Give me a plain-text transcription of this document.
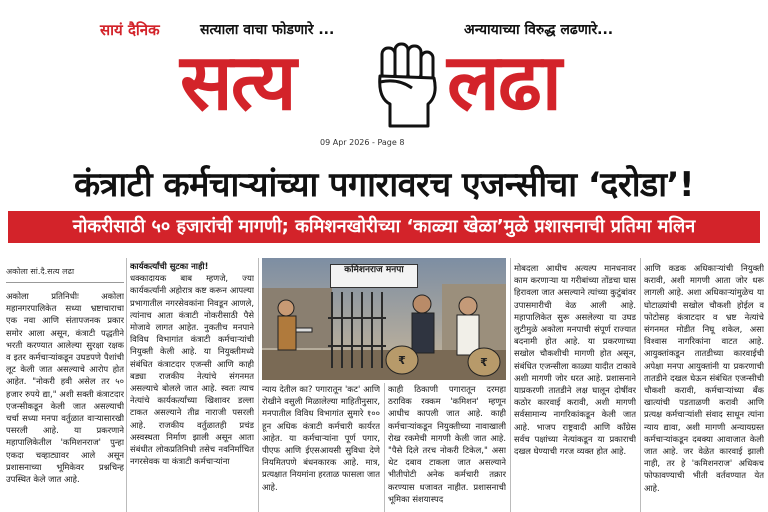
सायं दैनिक	सत्याला वाचा फोडणारे ...	अन्यायाच्या विरुद्ध लढणारे...
सत्य लढा
09 Apr 2026 - Page 8
कंत्राटी कर्मचाऱ्यांच्या पगारावरच एजन्सीचा ‘दरोडा’!
नोकरीसाठी ५० हजारांची मागणी; कमिशनखोरीच्या ‘काळ्या खेळा’मुळे प्रशासनाची प्रतिमा मलिन
अकोला सां.दै.सत्य लढा

अकोला प्रतिनिधीः अकोला महानगरपालिकेत सध्या भ्रष्टाचाराचा एक नवा आणि संतापजनक प्रकार समोर आला असून, कंत्राटी पद्धतीने भरती करण्यात आलेल्या सुरक्षा रक्षक व इतर कर्मचाऱ्यांकडून उघडपणे पैशांची लूट केली जात असल्याचे आरोप होत आहेत. "नोकरी हवी असेल तर ५० हजार रुपये द्या," अशी सक्ती कंत्राटदार एजन्सीकडून केली जात असल्याची चर्चा सध्या मनपा वर्तुळात वाऱ्यासारखी पसरली आहे. या प्रकरणाने महापालिकेतील 'कमिशनराज' पुन्हा एकदा चव्हाट्यावर आले असून प्रशासनाच्या भूमिकेवर प्रश्नचिन्ह उपस्थित केले जात आहे.

कार्यकर्त्यांची सुटका नाही!

धक्कादायक बाब म्हणजे, ज्या कार्यकर्त्यांनी अहोरात्र कष्ट करून आपल्या प्रभागातील नगरसेवकांना निवडून आणले, त्यांनाच आता कंत्राटी नोकरीसाठी पैसे मोजावे लागत आहेत. नुकतीच मनपाने विविध विभागांत कंत्राटी कर्मचाऱ्यांची नियुक्ती केली आहे. या नियुक्तीमध्ये संबंधित कंत्राटदार एजन्सी आणि काही बड्या राजकीय नेत्यांचे संगनमत असल्याचे बोलले जात आहे. स्वतः त्याच नेत्यांचे कार्यकर्त्यांच्या खिशावर डल्ला टाकत असल्याने तीव्र नाराजी पसरली आहे. राजकीय वर्तुळातही प्रचंड अस्वस्थता निर्माण झाली असून आता संबंधीत लोकप्रतिनिधी तसेच नवनिर्माचित नगरसेवक या कंत्राटी कर्मचाऱ्यांना

₹	₹
कमिशनराज मनपा

न्याय देतील का? पगारातून 'कट' आणि रोखीने वसुली मिळालेल्या माहितीनुसार, मनपातील विविध विभागांत सुमारे १०० हून अधिक कंत्राटी कर्मचारी कार्यरत आहेत. या कर्मचाऱ्यांना पूर्ण पगार, पीएफ आणि ईएसआयसी सुविधा देणे नियमितपणे बंधनकारक आहे. मात्र, प्रत्यक्षात नियमांना हरताळ फासला जात आहे.

काही ठिकाणी पगारातून दरमहा ठराविक रक्कम 'कमिशन' म्हणून आधीच कापली जात आहे. काही कर्मचाऱ्यांकडून नियुक्तीच्या नावाखाली रोख रकमेची मागणी केली जात आहे. "पैसे दिले तरच नोकरी टिकेल," असा थेट दबाव टाकला जात असल्याने भीतीपोटी अनेक कर्मचारी तक्रार करण्यास धजावत नाहीत. प्रशासनाची भूमिका संशयास्पद

मोबदला आधीच अत्यल्प मानधनावर काम करणाऱ्या या गरीबांच्या तोंडचा घास हिरावला जात असल्याने त्यांच्या कुटुंबांवर उपासमारीची वेळ आली आहे. महापालिकेत सुरू असलेल्या या उघड लुटीमुळे अकोला मनपाची संपूर्ण राज्यात बदनामी होत आहे. या प्रकरणाच्या सखोल चौकशीची मागणी होत असून, संबंधित एजन्सीला काळ्या यादीत टाकावे अशी मागणी जोर धरत आहे. प्रशासनाने याप्रकरणी तातडीने लक्ष घालून दोषींवर कठोर कारवाई करावी, अशी मागणी सर्वसामान्य नागरिकांकडून केली जात आहे. भाजप राष्ट्रवादी आणि काँग्रेस सर्वच पक्षांच्या नेत्यांकडून या प्रकाराची दखल घेण्याची गरज व्यक्त होत आहे.

आणि कडक अधिकाऱ्यांची नियुक्ती करावी, अशी मागणी आता जोर धरू लागली आहे. अशा अधिकाऱ्यांमुळेच या घोटाळ्यांची सखोल चौकशी होईल व फोटोसह कंत्राटदार व भ्रष्ट नेत्यांचे संगनमत मोडीत निघू शकेल, असा विश्वास नागरिकांना वाटत आहे. आयुक्तांकडून तातडीच्या कारवाईची अपेक्षा मनपा आयुक्तांनी या प्रकरणाची तातडीने दखल घेऊन संबंधित एजन्सीची चौकशी करावी, कर्मचाऱ्यांच्या बँक खात्यांची पडताळणी करावी आणि प्रत्यक्ष कर्मचाऱ्यांशी संवाद साधून त्यांना न्याय द्यावा, अशी मागणी अन्यायग्रस्त कर्मचाऱ्यांकडून दबक्या आवाजात केली जात आहे. जर वेळेत कारवाई झाली नाही, तर हे 'कमिशनराज' अधिकच फोफावण्याची भीती वर्तवण्यात येत आहे.
